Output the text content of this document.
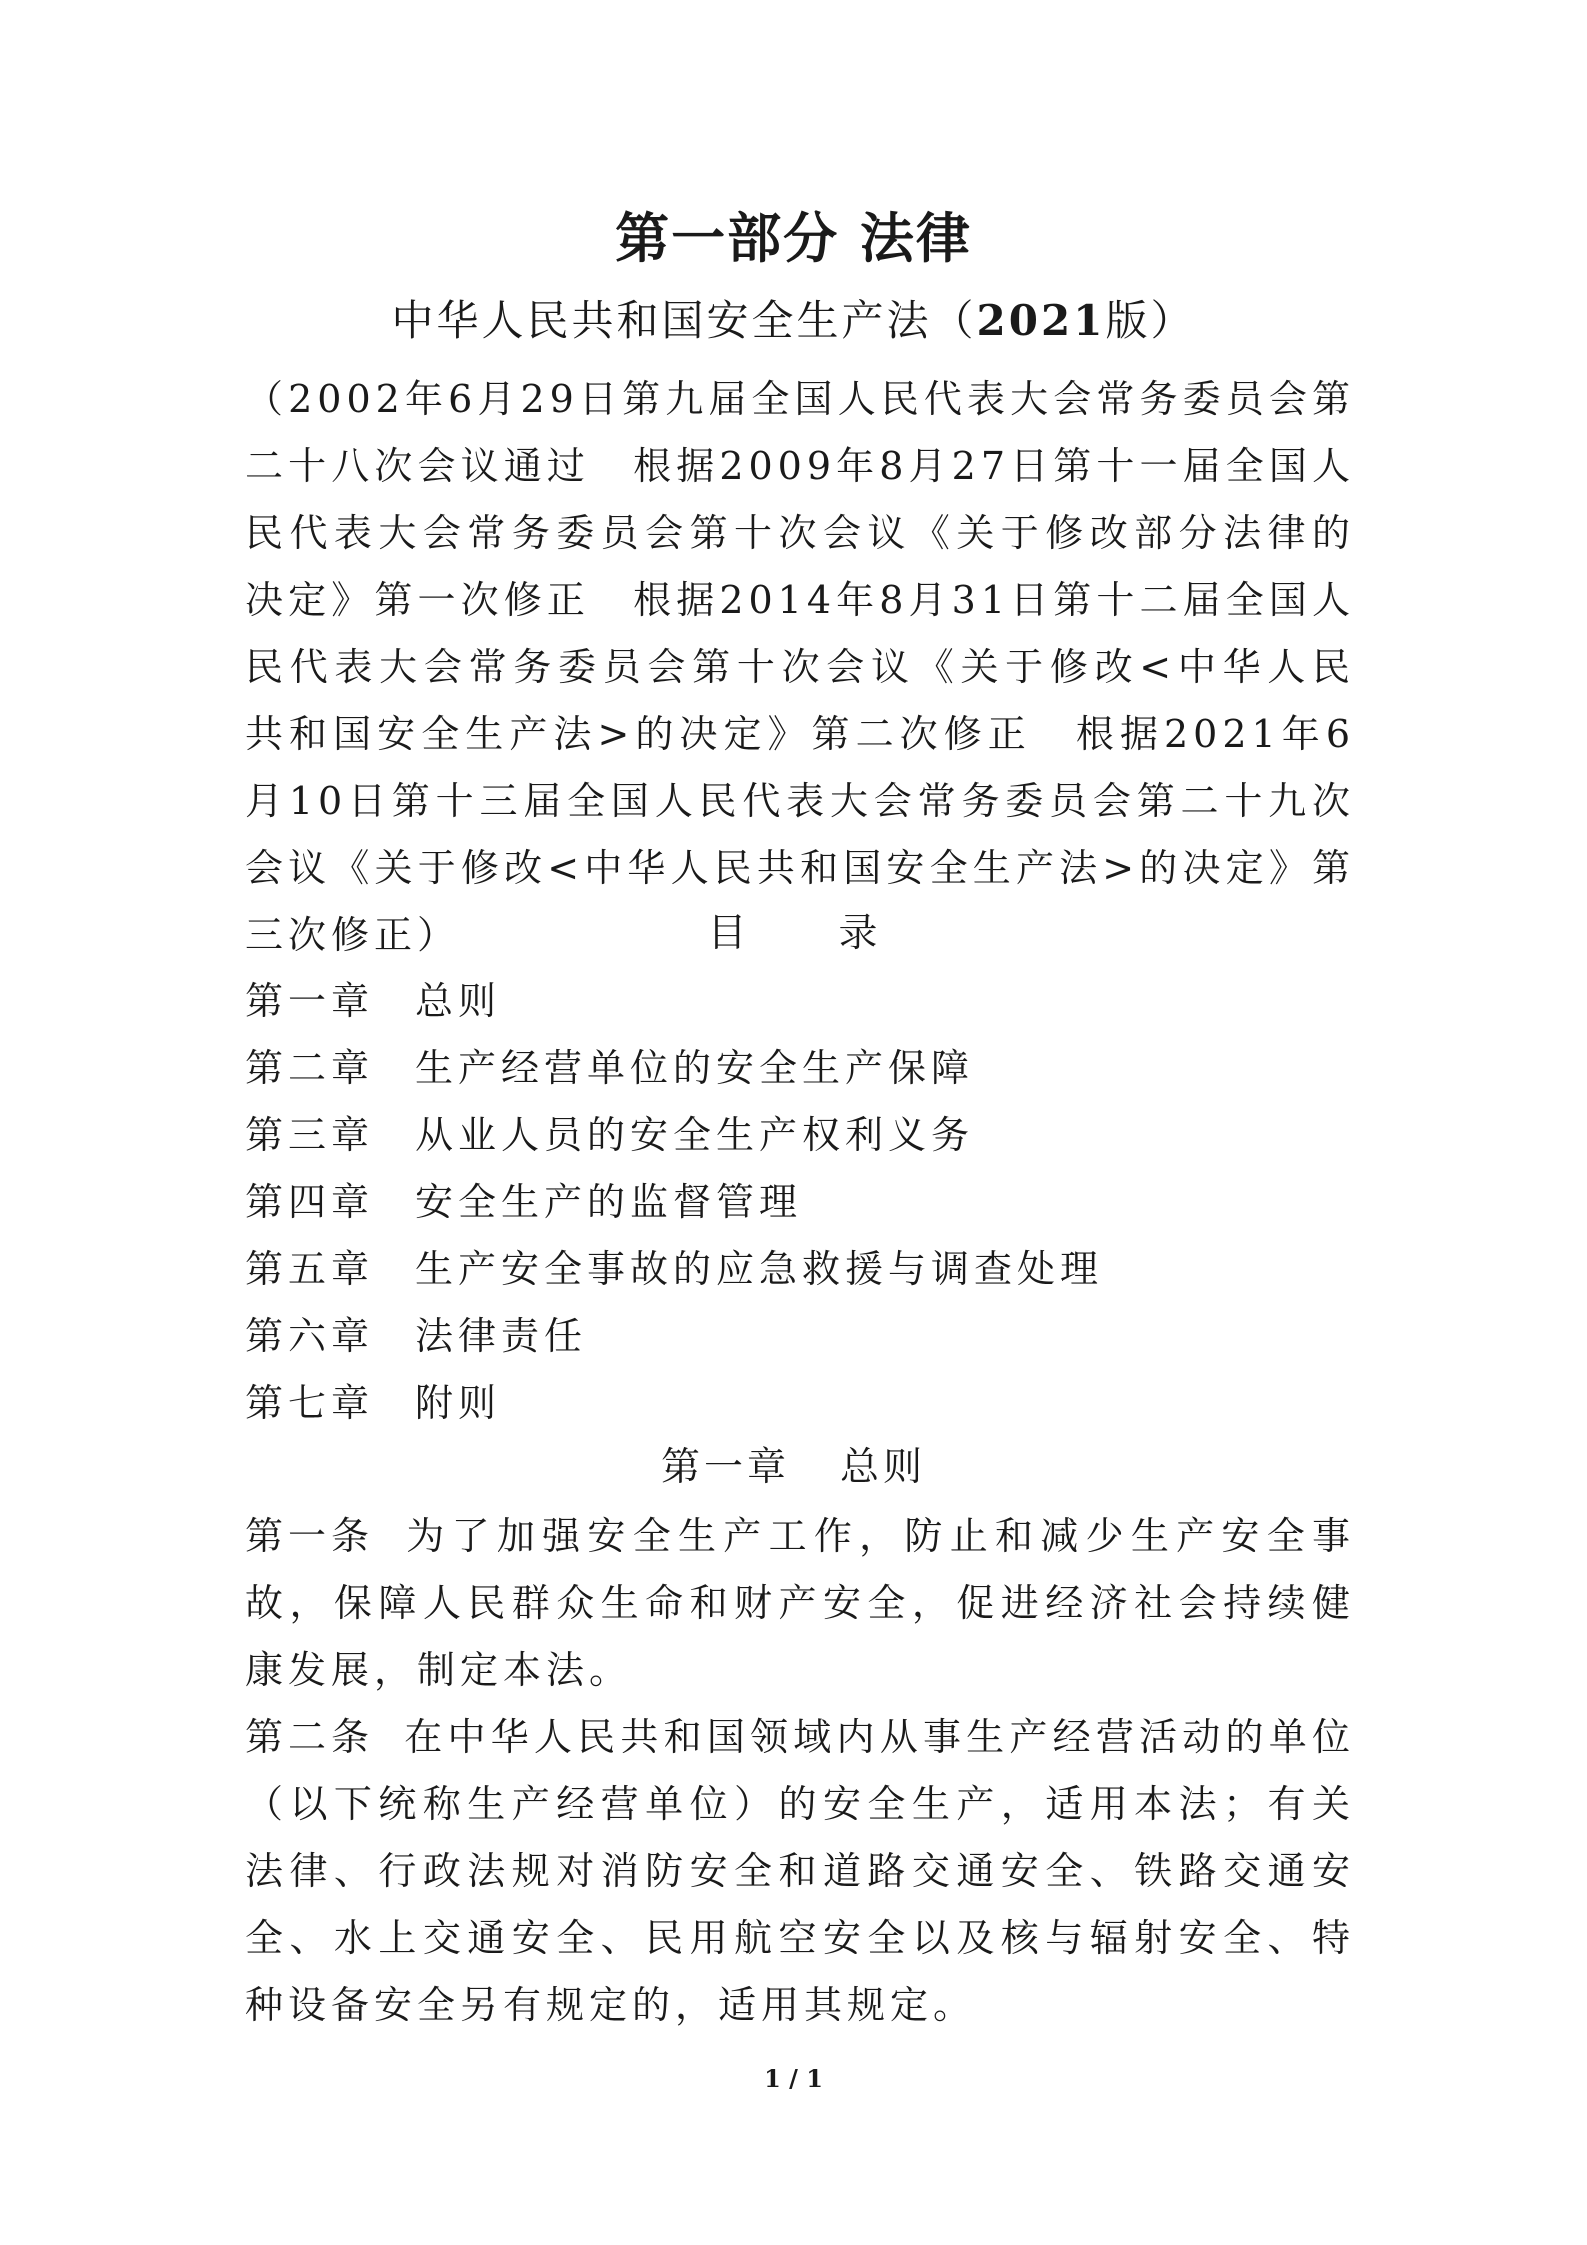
第一部分 法律
中华人民共和国安全生产法（2021版）
（2002年6月29日第九届全国人民代表大会常务委员会第二十八次会议通过　根据2009年8月27日第十一届全国人民代表大会常务委员会第十次会议《关于修改部分法律的决定》第一次修正　根据2014年8月31日第十二届全国人民代表大会常务委员会第十次会议《关于修改<中华人民共和国安全生产法>的决定》第二次修正　根据2021年6月10日第十三届全国人民代表大会常务委员会第二十九次会议《关于修改<中华人民共和国安全生产法>的决定》第三次修正）	目 录
第一章 总则
第二章 生产经营单位的安全生产保障
第三章 从业人员的安全生产权利义务
第四章 安全生产的监督管理
第五章 生产安全事故的应急救援与调查处理
第六章 法律责任
第七章 附则
第一章 总则
第一条 为了加强安全生产工作，防止和减少生产安全事故，保障人民群众生命和财产安全，促进经济社会持续健康发展，制定本法。
第二条 在中华人民共和国领域内从事生产经营活动的单位（以下统称生产经营单位）的安全生产，适用本法；有关法律、行政法规对消防安全和道路交通安全、铁路交通安全、水上交通安全、民用航空安全以及核与辐射安全、特种设备安全另有规定的，适用其规定。
1 / 1
